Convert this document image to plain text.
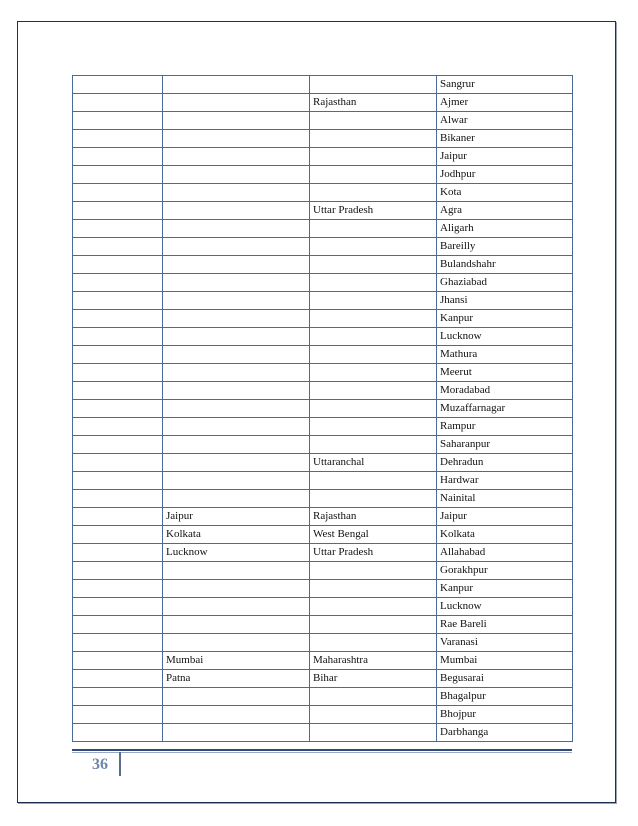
			Sangrur
		Rajasthan	Ajmer
			Alwar
			Bikaner
			Jaipur
			Jodhpur
			Kota
		Uttar Pradesh	Agra
			Aligarh
			Bareilly
			Bulandshahr
			Ghaziabad
			Jhansi
			Kanpur
			Lucknow
			Mathura
			Meerut
			Moradabad
			Muzaffarnagar
			Rampur
			Saharanpur
		Uttaranchal	Dehradun
			Hardwar
			Nainital
	Jaipur	Rajasthan	Jaipur
	Kolkata	West Bengal	Kolkata
	Lucknow	Uttar Pradesh	Allahabad
			Gorakhpur
			Kanpur
			Lucknow
			Rae Bareli
			Varanasi
	Mumbai	Maharashtra	Mumbai
	Patna	Bihar	Begusarai
			Bhagalpur
			Bhojpur
			Darbhanga
36
